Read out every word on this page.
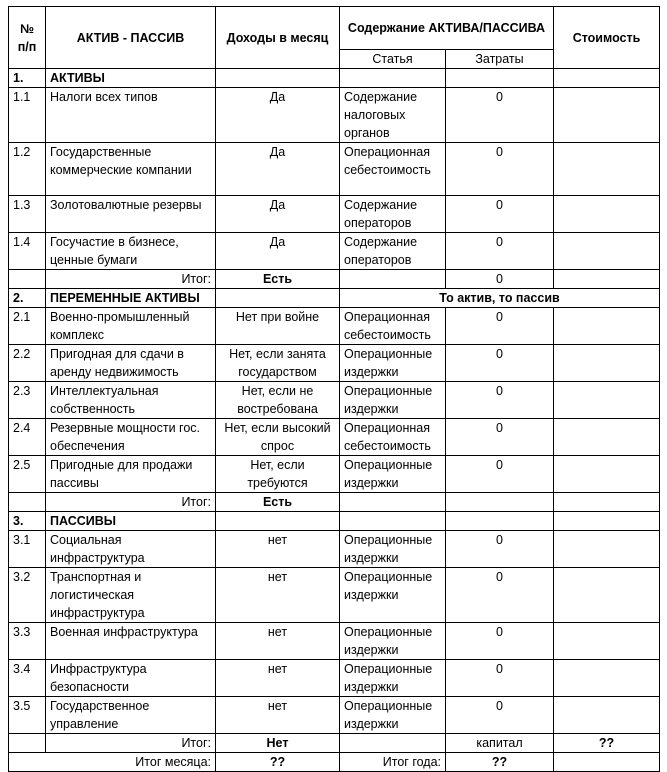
№ п/п	АКТИВ - ПАССИВ	Доходы в месяц	Содержание АКТИВА/ПАССИВА		Стоимость
			Статья	Затраты	
1.	АКТИВЫ				
1.1	Налоги всех типов	Да	Содержание налоговых органов	0	
1.2	Государственные коммерческие компании	Да	Операционная себестоимость	0	
1.3	Золотовалютные резервы	Да	Содержание операторов	0	
1.4	Госучастие в бизнесе, ценные бумаги	Да	Содержание операторов	0	
	Итог:	Есть		0	
2.	ПЕРЕМЕННЫЕ АКТИВЫ		То актив, то пассив		
2.1	Военно-промышленный комплекс	Нет при войне	Операционная себестоимость	0	
2.2	Пригодная для сдачи в аренду недвижимость	Нет, если занята государством	Операционные издержки	0	
2.3	Интеллектуальная собственность	Нет, если не востребована	Операционные издержки	0	
2.4	Резервные мощности гос. обеспечения	Нет, если высокий спрос	Операционная себестоимость	0	
2.5	Пригодные для продажи пассивы	Нет, если требуются	Операционные издержки	0	
	Итог:	Есть			
3.	ПАССИВЫ				
3.1	Социальная инфраструктура	нет	Операционные издержки	0	
3.2	Транспортная и логистическая инфраструктура	нет	Операционные издержки	0	
3.3	Военная инфраструктура	нет	Операционные издержки	0	
3.4	Инфраструктура безопасности	нет	Операционные издержки	0	
3.5	Государственное управление	нет	Операционные издержки	0	
	Итог:	Нет		капитал	??
Итог месяца:		??	Итог года:	??	
